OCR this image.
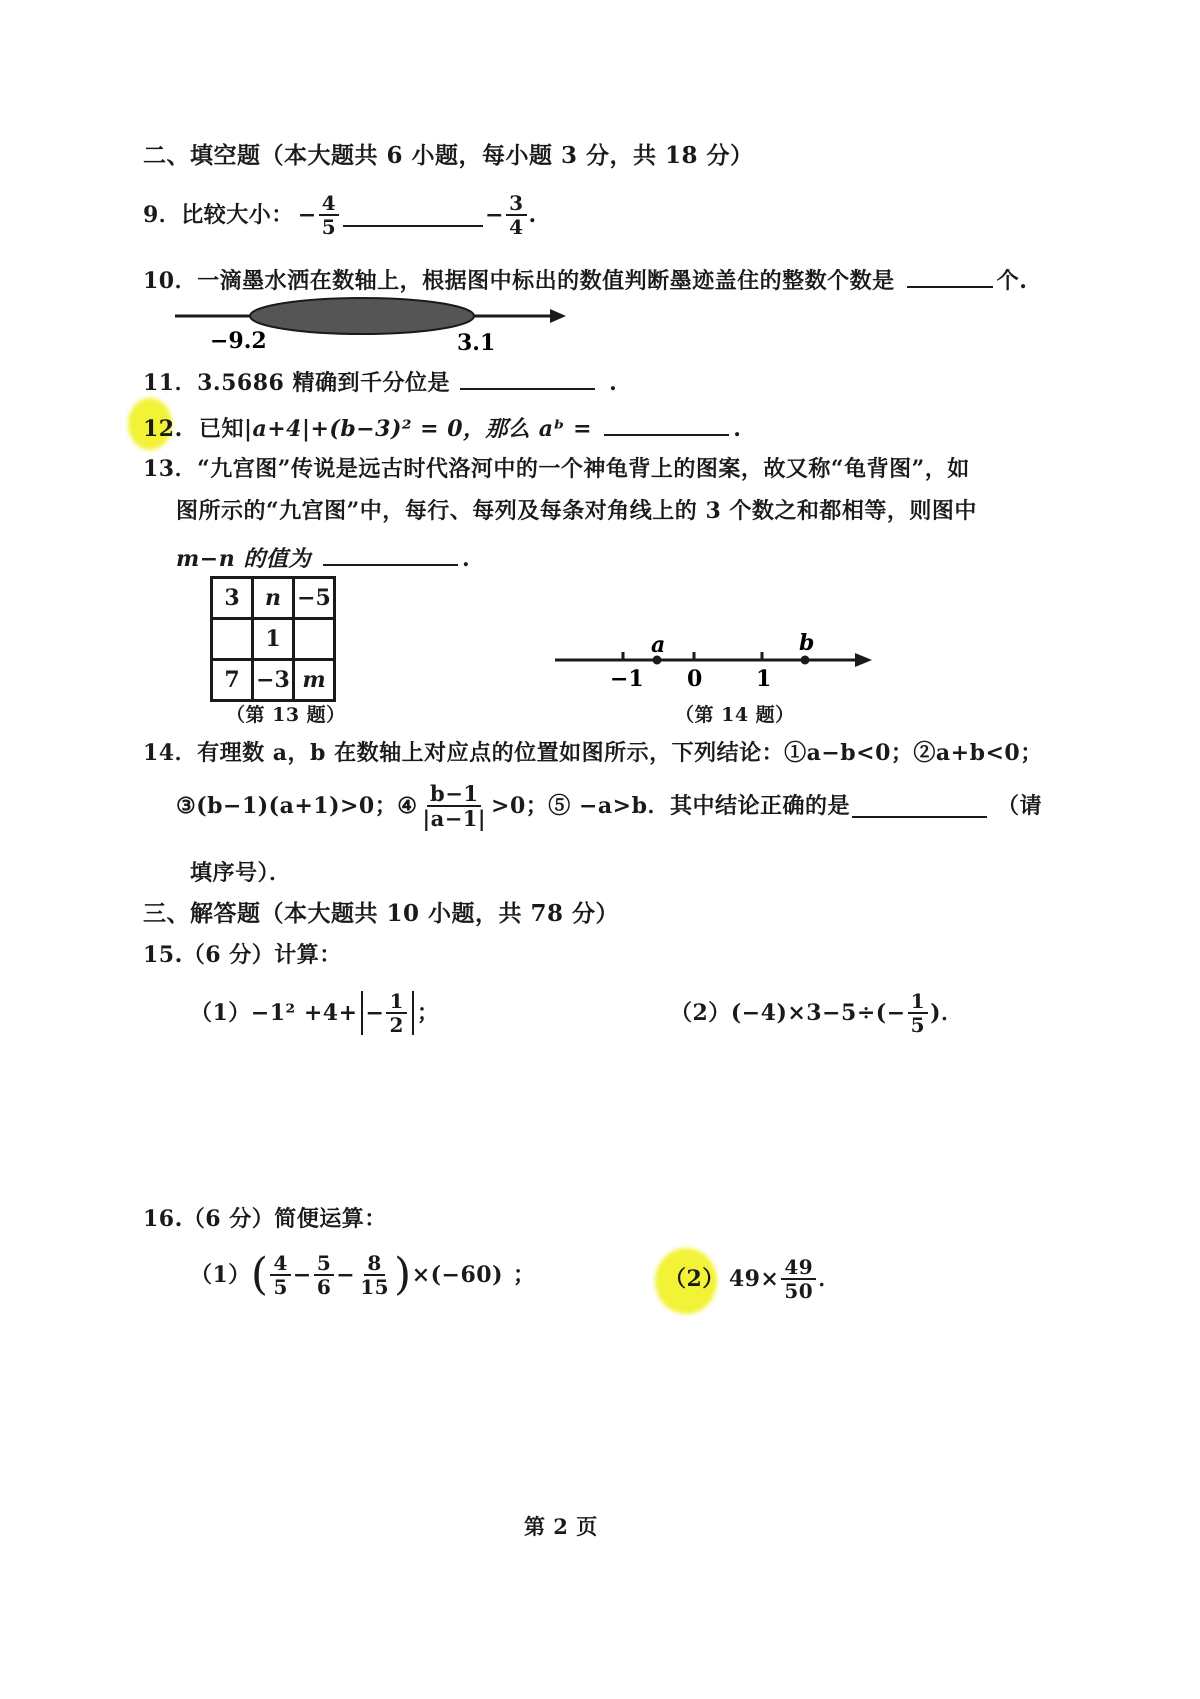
二、填空题（本大题共 6 小题，每小题 3 分，共 18 分）
9．比较大小： − $\frac{4}{5}$	− $\frac{3}{4}$ .
10．一滴墨水洒在数轴上，根据图中标出的数值判断墨迹盖住的整数个数是	个.
−9.2	3.1
11．3.5686 精确到千分位是	.
12. 已知|a+4|+(b−3)² = 0，那么 aᵇ =	.
13．“九宫图”传说是远古时代洛河中的一个神龟背上的图案，故又称“龟背图”，如
图所示的“九宫图”中，每行、每列及每条对角线上的 3 个数之和都相等，则图中
m−n 的值为	.
3	n	−5
	1	
7	−3	m
（第 13 题）
a	b
−1 0 1
（第 14 题）
14．有理数 a，b 在数轴上对应点的位置如图所示，下列结论：①a−b<0；②a+b<0；
③(b−1)(a+1)>0；④ $\frac{b-1}{|a-1|} >0$；⑤ −a>b．其中结论正确的是	（请
填序号）．
三、解答题（本大题共 10 小题，共 78 分）
15.（6 分）计算：
$(1) -1^2 +4+ - \frac{1}{2}$ ；	（2） $(-4)\times 3-5\div(- \frac{1}{5}$ )．
16.（6 分）简便运算：
（1） ( $\frac{4}{5} - \frac{5}{6} - \frac{8}{15}$ ) ×(−60) ；	（2） $49\times \frac{49}{50}$ ．
第 2 页
